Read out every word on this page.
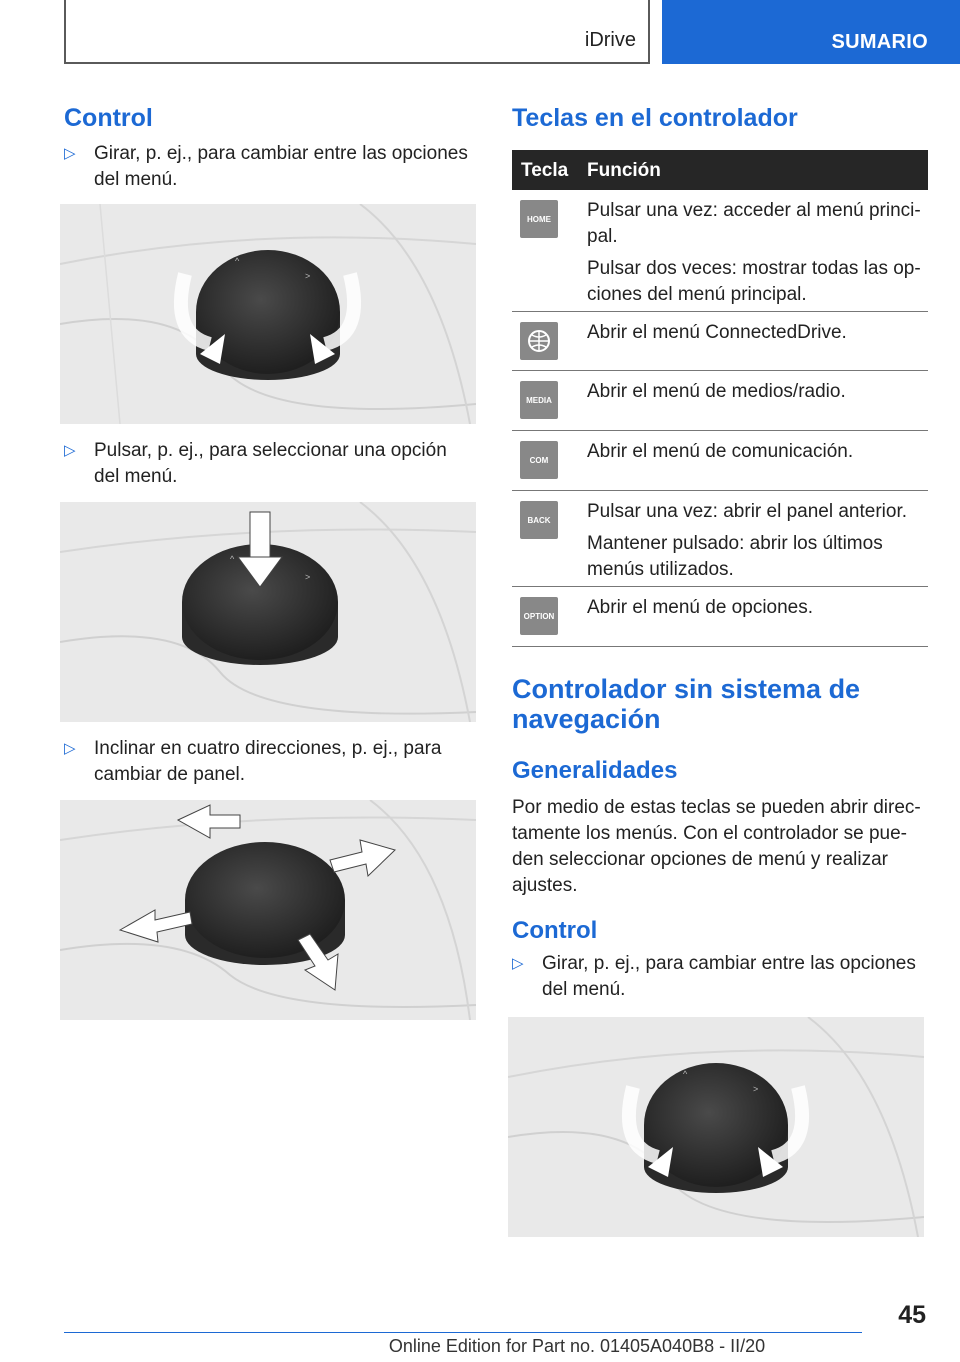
iDrive	SUMARIO
Control
▷ Girar, p. ej., para cambiar entre las opciones del menú.
^
>
▷ Pulsar, p. ej., para seleccionar una opción del menú.
^
>
▷ Inclinar en cuatro direcciones, p. ej., para cambiar de panel.
Teclas en el controlador
Tecla Función
HOME Pulsar una vez: acceder al menú princi-pal.

Pulsar dos veces: mostrar todas las op-ciones del menú principal.

Abrir el menú ConnectedDrive.

MEDIA Abrir el menú de medios/radio.

COM Abrir el menú de comunicación.

BACK Pulsar una vez: abrir el panel anterior.

Mantener pulsado: abrir los últimos menús utilizados.

OPTION Abrir el menú de opciones.

Controlador sin sistema de navegación
Generalidades
Por medio de estas teclas se pueden abrir direc-tamente los menús. Con el controlador se pue-den seleccionar opciones de menú y realizar ajustes.
Control
▷ Girar, p. ej., para cambiar entre las opciones del menú.
^
>
45
Online Edition for Part no. 01405A040B8 - II/20
